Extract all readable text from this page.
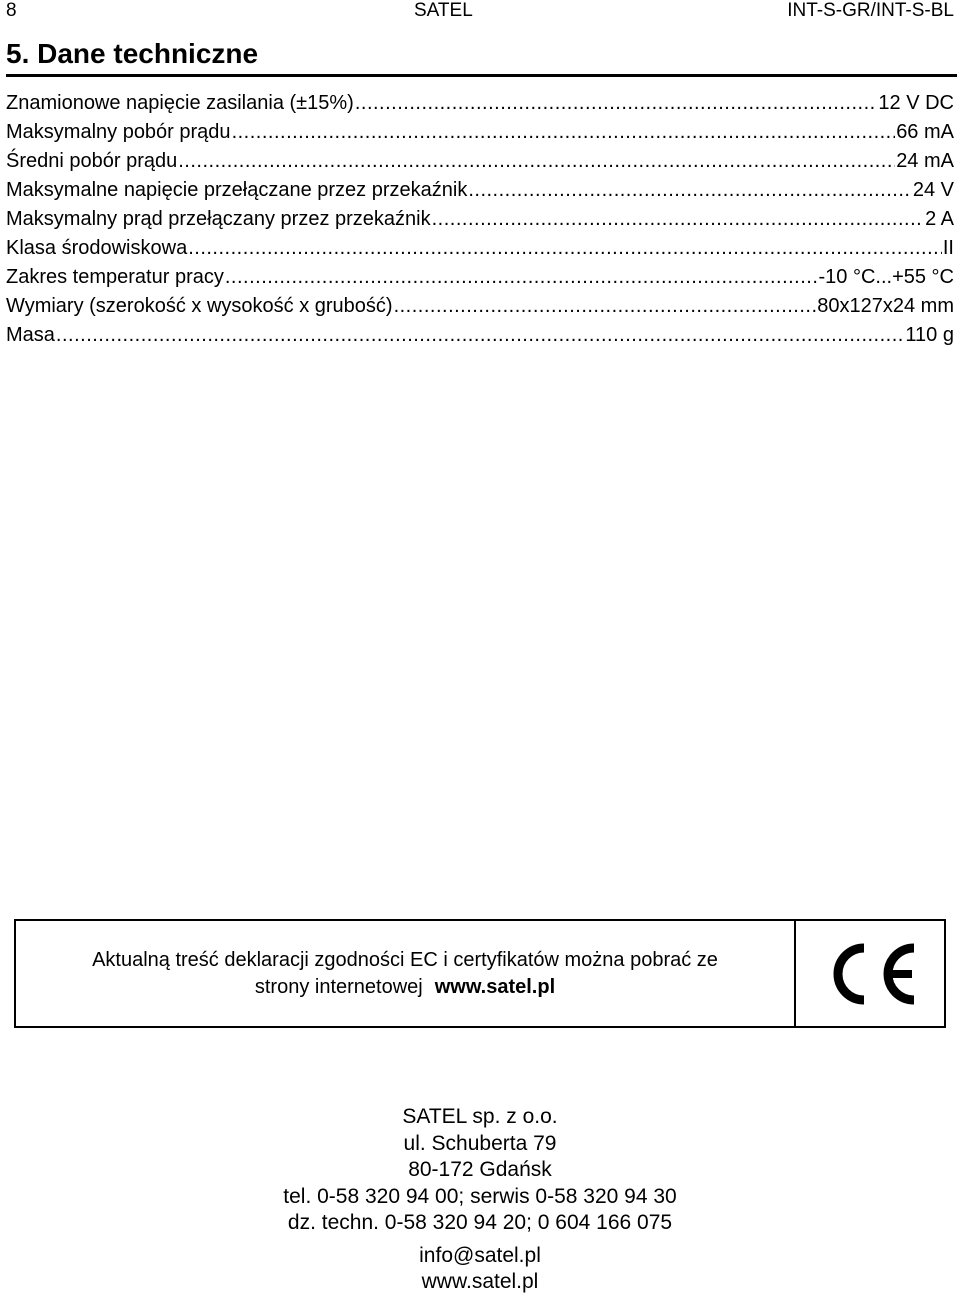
8	SATEL	INT-S-GR/INT-S-BL
5. Dane techniczne
Znamionowe napięcie zasilania (±15%) .....	12 V DC
Maksymalny pobór prądu .....	66 mA
Średni pobór prądu .....	24 mA
Maksymalne napięcie przełączane przez przekaźnik .....	24 V
Maksymalny prąd przełączany przez przekaźnik .....	2 A
Klasa środowiskowa .....	II
Zakres temperatur pracy .....	-10 °C...+55 °C
Wymiary (szerokość x wysokość x grubość) .....	80x127x24 mm
Masa .....	110 g
Aktualną treść deklaracji zgodności EC i certyfikatów można pobrać ze
strony internetowej www.satel.pl
SATEL sp. z o.o.
ul. Schuberta 79
80-172 Gdańsk
tel. 0-58 320 94 00; serwis 0-58 320 94 30
dz. techn. 0-58 320 94 20; 0 604 166 075
info@satel.pl
www.satel.pl
